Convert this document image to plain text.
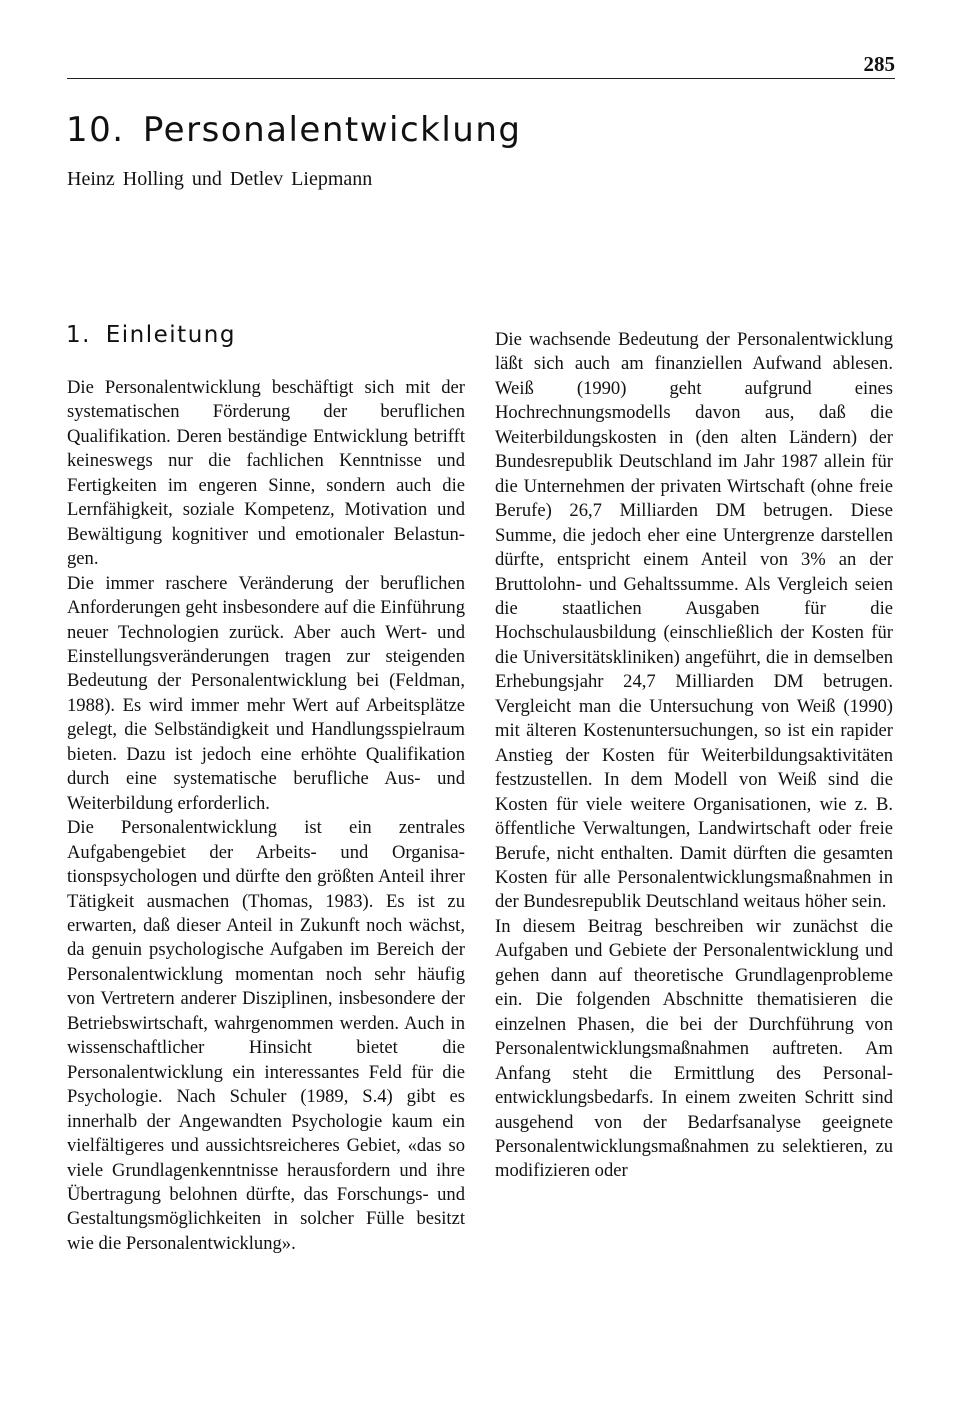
285
10. Personalentwicklung
Heinz Holling und Detlev Liepmann
1. Einleitung

Die Personalentwicklung beschäftigt sich mit der systematischen Förderung der beruflichen Qualifikation. Deren beständige Entwicklung betrifft keineswegs nur die fachlichen Kenntnisse und Fertigkeiten im engeren Sinne, sondern auch die Lernfähigkeit, soziale Kompetenz, Motivation und Bewältigung kognitiver und emotionaler Belastungen.

Die immer raschere Veränderung der beruflichen Anforderungen geht insbesondere auf die Einführung neuer Technologien zurück. Aber auch Wert- und Einstellungsveränderungen tragen zur steigenden Bedeutung der Personalentwicklung bei (Feldman, 1988). Es wird immer mehr Wert auf Arbeitsplätze gelegt, die Selbständigkeit und Handlungsspielraum bieten. Dazu ist jedoch eine erhöhte Qualifikation durch eine systematische berufliche Aus- und Weiterbildung erforderlich.

Die Personalentwicklung ist ein zentrales Aufgabengebiet der Arbeits- und Organisationspsychologen und dürfte den größten Anteil ihrer Tätigkeit ausmachen (Thomas, 1983). Es ist zu erwarten, daß dieser Anteil in Zukunft noch wächst, da genuin psychologische Aufgaben im Bereich der Personalentwicklung momentan noch sehr häufig von Vertretern anderer Disziplinen, insbesondere der Betriebswirtschaft, wahrgenommen werden. Auch in wissenschaftlicher Hinsicht bietet die Personalentwicklung ein interessantes Feld für die Psychologie. Nach Schuler (1989, S.4) gibt es innerhalb der Angewandten Psychologie kaum ein vielfältigeres und aussichtsreicheres Gebiet, «das so viele Grundlagenkenntnisse herausfordern und ihre Übertragung belohnen dürfte, das Forschungs- und Gestaltungsmöglichkeiten in solcher Fülle besitzt wie die Personalentwicklung».

Die wachsende Bedeutung der Personalentwicklung läßt sich auch am finanziellen Aufwand ablesen. Weiß (1990) geht aufgrund eines Hochrechnungsmodells davon aus, daß die Weiterbildungskosten in (den alten Ländern) der Bundesrepublik Deutschland im Jahr 1987 allein für die Unternehmen der privaten Wirtschaft (ohne freie Berufe) 26,7 Milliarden DM betrugen. Diese Summe, die jedoch eher eine Untergrenze darstellen dürfte, entspricht einem Anteil von 3% an der Bruttolohn- und Gehaltssumme. Als Vergleich seien die staatlichen Ausgaben für die Hochschulausbildung (einschließlich der Kosten für die Universitätskliniken) angeführt, die in demselben Erhebungsjahr 24,7 Milliarden DM betrugen. Vergleicht man die Untersuchung von Weiß (1990) mit älteren Kostenuntersuchungen, so ist ein rapider Anstieg der Kosten für Weiterbildungsaktivitäten festzustellen. In dem Modell von Weiß sind die Kosten für viele weitere Organisationen, wie z. B. öffentliche Verwaltungen, Landwirtschaft oder freie Berufe, nicht enthalten. Damit dürften die gesamten Kosten für alle Personalentwicklungsmaßnahmen in der Bundesrepublik Deutschland weitaus höher sein.

In diesem Beitrag beschreiben wir zunächst die Aufgaben und Gebiete der Personalentwicklung und gehen dann auf theoretische Grundlagenprobleme ein. Die folgenden Abschnitte thematisieren die einzelnen Phasen, die bei der Durchführung von Personalentwicklungsmaßnahmen auftreten. Am Anfang steht die Ermittlung des Personalentwicklungsbedarfs. In einem zweiten Schritt sind ausgehend von der Bedarfsanalyse geeignete Personalentwicklungsmaßnahmen zu selektieren, zu modifizieren oder
